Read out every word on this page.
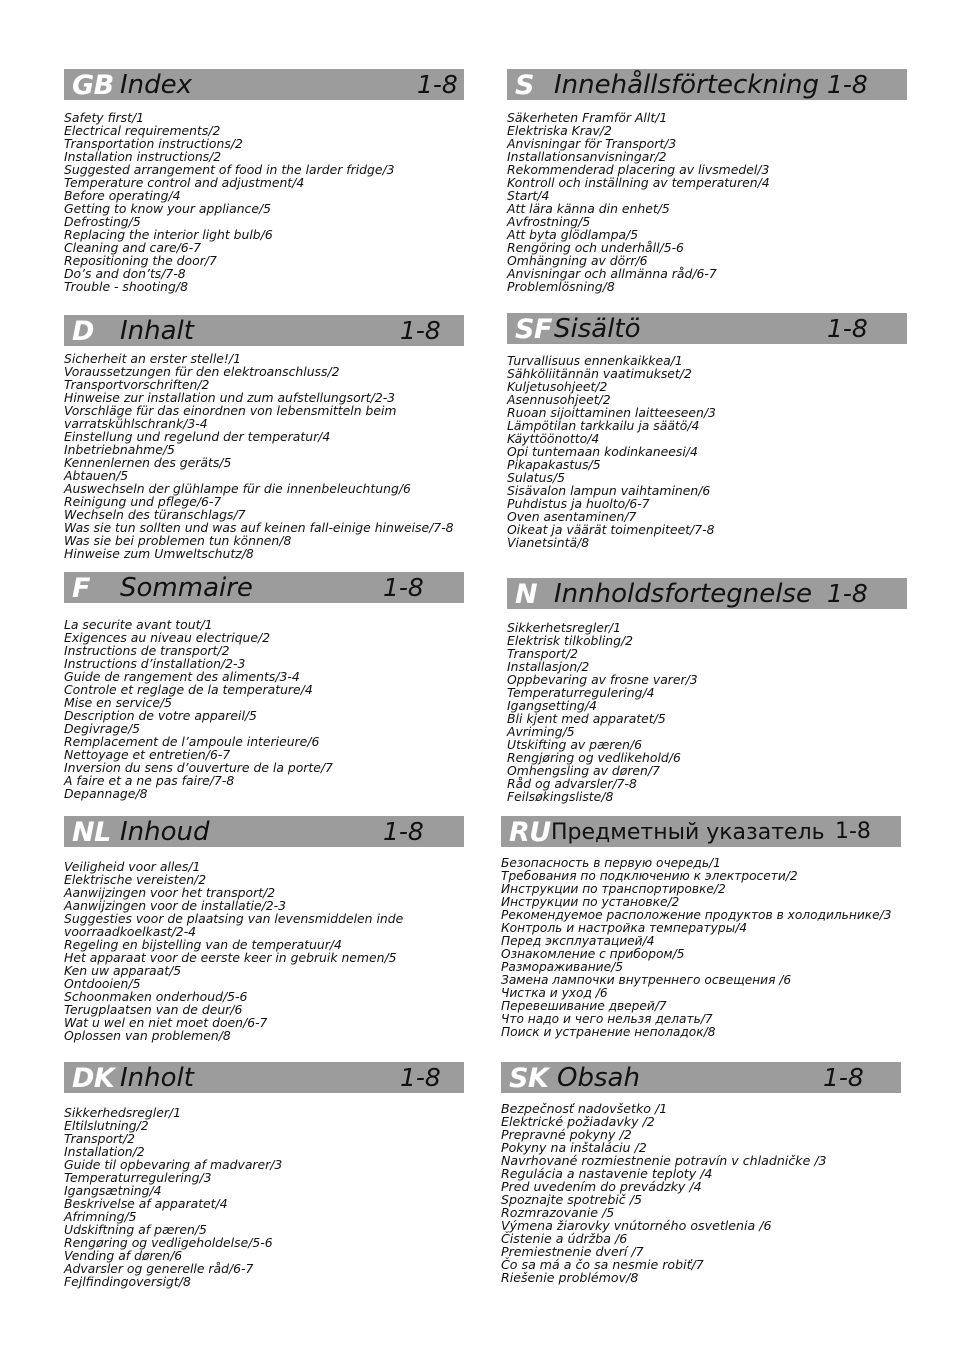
GB Index	1-8
Safety first/1
Electrical requirements/2
Transportation instructions/2
Installation instructions/2
Suggested arrangement of food in the larder fridge/3
Temperature control and adjustment/4
Before operating/4
Getting to know your appliance/5
Defrosting/5
Replacing the interior light bulb/6
Cleaning and care/6-7
Repositioning the door/7
Do’s and don’ts/7-8
Trouble - shooting/8
S Innehållsförteckning 1-8
Säkerheten Framför Allt/1
Elektriska Krav/2
Anvisningar för Transport/3
Installationsanvisningar/2
Rekommenderad placering av livsmedel/3
Kontroll och inställning av temperaturen/4
Start/4
Att lära känna din enhet/5
Avfrostning/5
Att byta glödlampa/5
Rengöring och underhåll/5-6
Omhängning av dörr/6
Anvisningar och allmänna råd/6-7
Problemlösning/8
D Inhalt	1-8
Sicherheit an erster stelle!/1
Voraussetzungen für den elektroanschluss/2
Transportvorschriften/2
Hinweise zur installation und zum aufstellungsort/2-3
Vorschläge für das einordnen von lebensmitteln beim
varratskühlschrank/3-4
Einstellung und regelund der temperatur/4
Inbetriebnahme/5
Kennenlernen des geräts/5
Abtauen/5
Auswechseln der glühlampe für die innenbeleuchtung/6
Reinigung und pflege/6-7
Wechseln des türanschlags/7
Was sie tun sollten und was auf keinen fall-einige hinweise/7-8
Was sie bei problemen tun können/8
Hinweise zum Umweltschutz/8
SF Sisältö	1-8
Turvallisuus ennenkaikkea/1
Sähköliitännän vaatimukset/2
Kuljetusohjeet/2
Asennusohjeet/2
Ruoan sijoittaminen laitteeseen/3
Lämpötilan tarkkailu ja säätö/4
Käyttöönotto/4
Opi tuntemaan kodinkaneesi/4
Pikapakastus/5
Sulatus/5
Sisävalon lampun vaihtaminen/6
Puhdistus ja huolto/6-7
Oven asentaminen/7
Oikeat ja väärät toimenpiteet/7-8
Vianetsintä/8
F Sommaire	1-8
La securite avant tout/1
Exigences au niveau electrique/2
Instructions de transport/2
Instructions d’installation/2-3
Guide de rangement des aliments/3-4
Controle et reglage de la temperature/4
Mise en service/5
Description de votre appareil/5
Degivrage/5
Remplacement de l’ampoule interieure/6
Nettoyage et entretien/6-7
Inversion du sens d’ouverture de la porte/7
A faire et a ne pas faire/7-8
Depannage/8
N Innholdsfortegnelse 1-8
Sikkerhetsregler/1
Elektrisk tilkobling/2
Transport/2
Installasjon/2
Oppbevaring av frosne varer/3
Temperaturregulering/4
Igangsetting/4
Bli kjent med apparatet/5
Avriming/5
Utskifting av pæren/6
Rengjøring og vedlikehold/6
Omhengsling av døren/7
Råd og advarsler/7-8
Feilsøkingsliste/8
NL Inhoud	1-8
Veiligheid voor alles/1
Elektrische vereisten/2
Aanwijzingen voor het transport/2
Aanwijzingen voor de installatie/2-3
Suggesties voor de plaatsing van levensmiddelen inde
voorraadkoelkast/2-4
Regeling en bijstelling van de temperatuur/4
Het apparaat voor de eerste keer in gebruik nemen/5
Ken uw apparaat/5
Ontdooien/5
Schoonmaken onderhoud/5-6
Terugplaatsen van de deur/6
Wat u wel en niet moet doen/6-7
Oplossen van problemen/8
RU Предметный указатель 1-8
Безопасность в первую очередь/1
Требования по подключению к электросети/2
Инструкции по транспортировке/2
Инструкции по установке/2
Рекомендуемое расположение продуктов в холодильнике/3
Контроль и настройка температуры/4
Перед эксплуатацией/4
Ознакомление с прибором/5
Размораживание/5
Замена лампочки внутреннего освещения /6
Чистка и уход /6
Перевешивание дверей/7
Что надо и чего нельзя делать/7
Поиск и устранение неполадок/8
DK Inholt	1-8
Sikkerhedsregler/1
Eltilslutning/2
Transport/2
Installation/2
Guide til opbevaring af madvarer/3
Temperaturregulering/3
Igangsætning/4
Beskrivelse af apparatet/4
Afrimning/5
Udskiftning af pæren/5
Rengøring og vedligeholdelse/5-6
Vending af døren/6
Advarsler og generelle råd/6-7
Fejlfindingoversigt/8
SK Obsah	1-8
Bezpečnosť nadovšetko /1
Elektrické požiadavky /2
Prepravné pokyny /2
Pokyny na inštaláciu /2
Navrhované rozmiestnenie potravín v chladničke /3
Regulácia a nastavenie teploty /4
Pred uvedením do prevádzky /4
Spoznajte spotrebič /5
Rozmrazovanie /5
Výmena žiarovky vnútorného osvetlenia /6
Čistenie a údržba /6
Premiestnenie dverí /7
Čo sa má a čo sa nesmie robiť/7
Riešenie problémov/8
